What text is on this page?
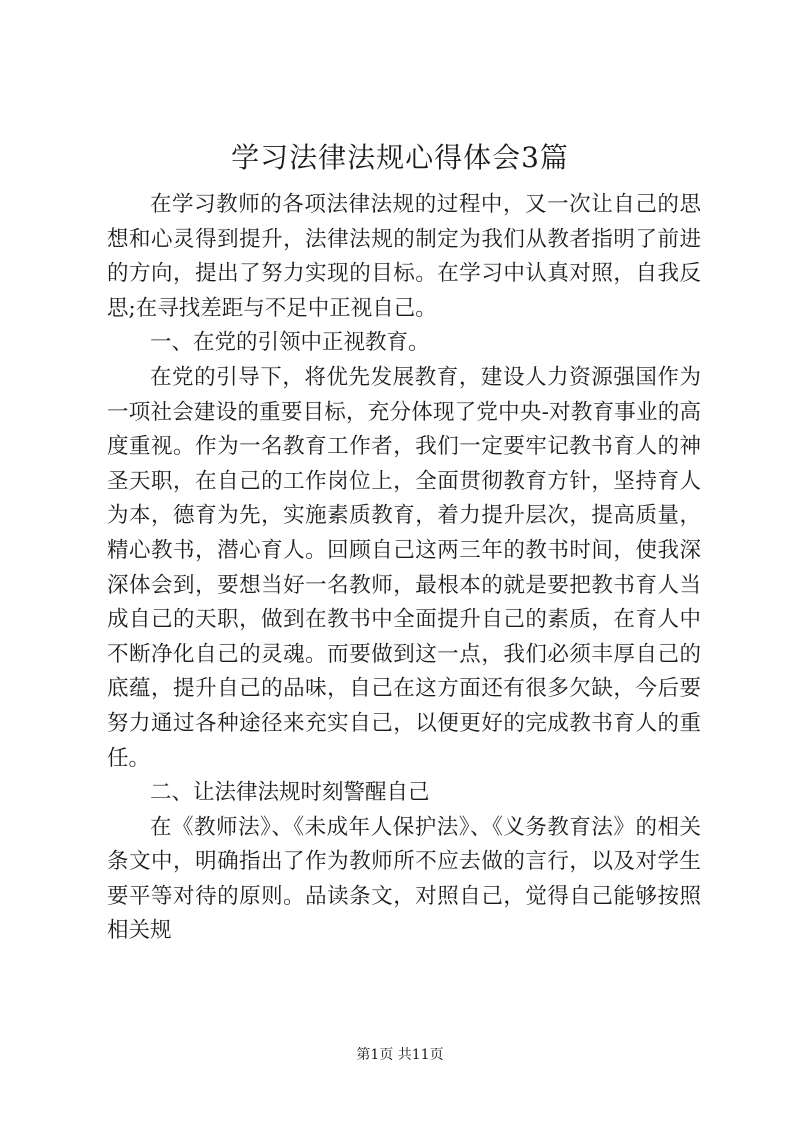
学习法律法规心得体会3篇

在学习教师的各项法律法规的过程中，又一次让自己的思想和心灵得到提升，法律法规的制定为我们从教者指明了前进的方向，提出了努力实现的目标。在学习中认真对照，自我反思;在寻找差距与不足中正视自己。

一、在党的引领中正视教育。

在党的引导下，将优先发展教育，建设人力资源强国作为一项社会建设的重要目标，充分体现了党中央-对教育事业的高度重视。作为一名教育工作者，我们一定要牢记教书育人的神圣天职，在自己的工作岗位上，全面贯彻教育方针，坚持育人为本，德育为先，实施素质教育，着力提升层次，提高质量，精心教书，潜心育人。回顾自己这两三年的教书时间，使我深深体会到，要想当好一名教师，最根本的就是要把教书育人当成自己的天职，做到在教书中全面提升自己的素质，在育人中不断净化自己的灵魂。而要做到这一点，我们必须丰厚自己的底蕴，提升自己的品味，自己在这方面还有很多欠缺，今后要努力通过各种途径来充实自己，以便更好的完成教书育人的重任。

二、让法律法规时刻警醒自己

在《教师法》、《未成年人保护法》、《义务教育法》的相关条文中，明确指出了作为教师所不应去做的言行，以及对学生要平等对待的原则。品读条文，对照自己，觉得自己能够按照相关规

第1页 共11页
